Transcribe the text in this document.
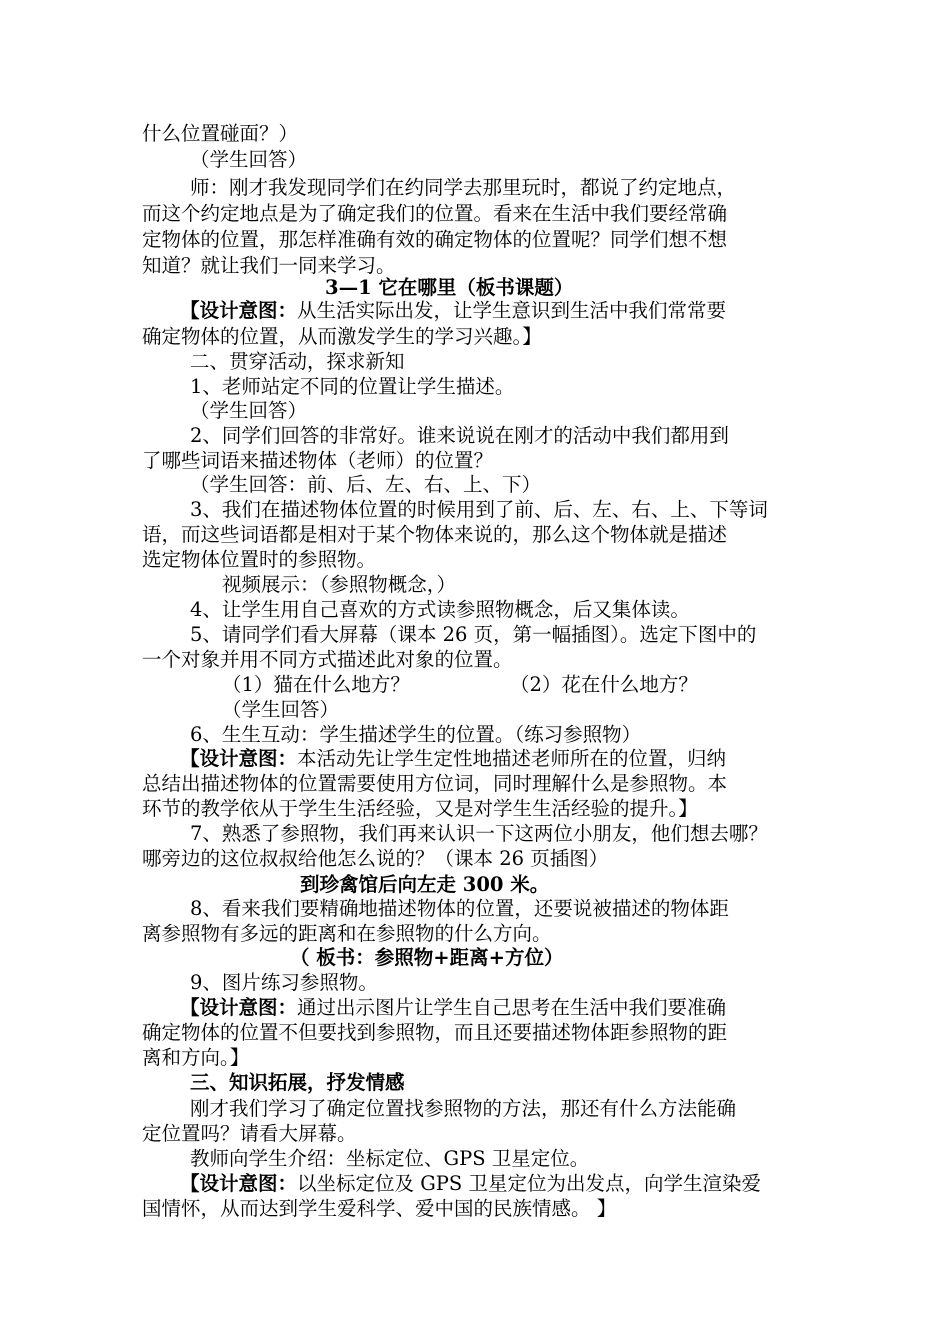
什么位置碰面？）
（学生回答）
师：刚才我发现同学们在约同学去那里玩时，都说了约定地点，
而这个约定地点是为了确定我们的位置。看来在生活中我们要经常确
定物体的位置，那怎样准确有效的确定物体的位置呢？同学们想不想
知道？就让我们一同来学习。
3—1 它在哪里（板书课题）
【设计意图：从生活实际出发，让学生意识到生活中我们常常要
确定物体的位置，从而激发学生的学习兴趣。】
二、贯穿活动，探求新知
1、老师站定不同的位置让学生描述。
（学生回答）
2、同学们回答的非常好。谁来说说在刚才的活动中我们都用到
了哪些词语来描述物体（老师）的位置？
（学生回答：前、后、左、右、上、下）
3、我们在描述物体位置的时候用到了前、后、左、右、上、下等词
语，而这些词语都是相对于某个物体来说的，那么这个物体就是描述
选定物体位置时的参照物。
视频展示：（参照物概念，）
4、让学生用自己喜欢的方式读参照物概念，后又集体读。
5、请同学们看大屏幕（课本 26 页，第一幅插图）。选定下图中的
一个对象并用不同方式描述此对象的位置。
（1）猫在什么地方？	（2）花在什么地方？
（学生回答）
6、生生互动：学生描述学生的位置。（练习参照物）
【设计意图：本活动先让学生定性地描述老师所在的位置，归纳
总结出描述物体的位置需要使用方位词，同时理解什么是参照物。本
环节的教学依从于学生生活经验，又是对学生生活经验的提升。】
7、熟悉了参照物，我们再来认识一下这两位小朋友，他们想去哪？
哪旁边的这位叔叔给他怎么说的？（课本 26 页插图）
到珍禽馆后向左走 300 米。
8、看来我们要精确地描述物体的位置，还要说被描述的物体距
离参照物有多远的距离和在参照物的什么方向。
（ 板书：参照物+距离+方位）
9、图片练习参照物。
【设计意图：通过出示图片让学生自己思考在生活中我们要准确
确定物体的位置不但要找到参照物，而且还要描述物体距参照物的距
离和方向。】
三、知识拓展，抒发情感
刚才我们学习了确定位置找参照物的方法，那还有什么方法能确
定位置吗？请看大屏幕。
教师向学生介绍：坐标定位、GPS 卫星定位。
【设计意图：以坐标定位及 GPS 卫星定位为出发点，向学生渲染爱
国情怀，从而达到学生爱科学、爱中国的民族情感。 】
